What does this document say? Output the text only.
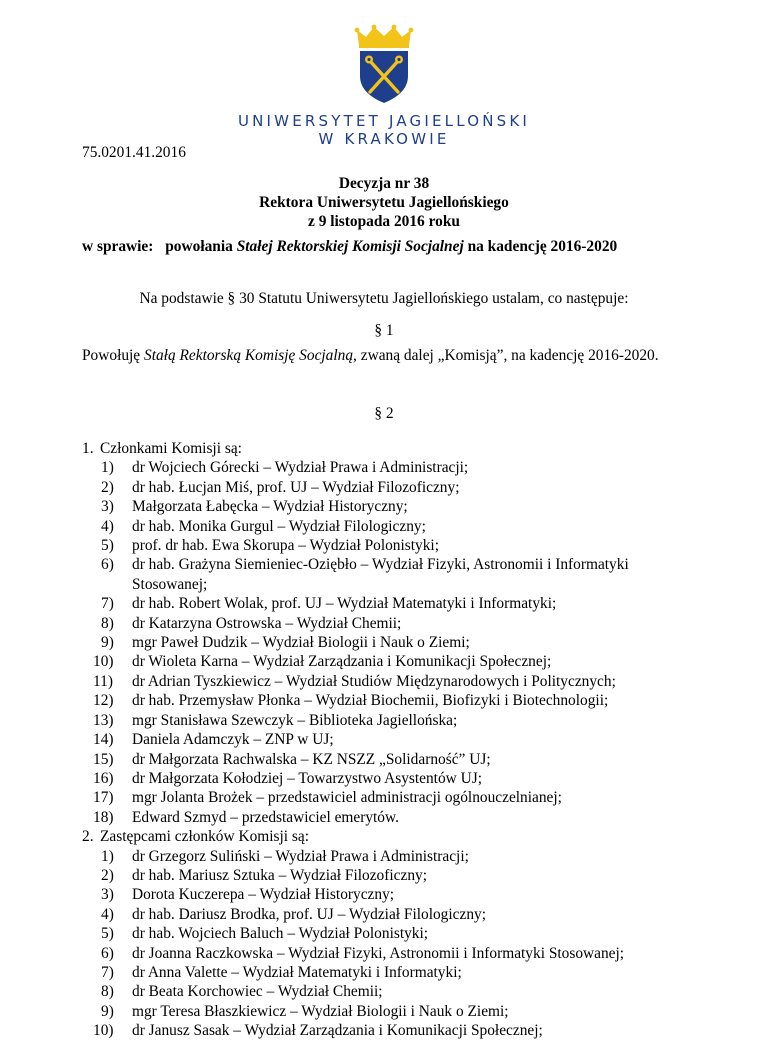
UNIWERSYTET JAGIELLOŃSKI
W KRAKOWIE
75.0201.41.2016
Decyzja nr 38
Rektora Uniwersytetu Jagiellońskiego
z 9 listopada 2016 roku
w sprawie: powołania Stałej Rektorskiej Komisji Socjalnej na kadencję 2016-2020
Na podstawie § 30 Statutu Uniwersytetu Jagiellońskiego ustalam, co następuje:
§ 1
Powołuję Stałą Rektorską Komisję Socjalną, zwaną dalej „Komisją”, na kadencję 2016-2020.
§ 2
1. Członkami Komisji są:
1) dr Wojciech Górecki – Wydział Prawa i Administracji;
2) dr hab. Łucjan Miś, prof. UJ – Wydział Filozoficzny;
3) Małgorzata Łabęcka – Wydział Historyczny;
4) dr hab. Monika Gurgul – Wydział Filologiczny;
5) prof. dr hab. Ewa Skorupa – Wydział Polonistyki;
6) dr hab. Grażyna Siemieniec-Oziębło – Wydział Fizyki, Astronomii i Informatyki Stosowanej;
7) dr hab. Robert Wolak, prof. UJ – Wydział Matematyki i Informatyki;
8) dr Katarzyna Ostrowska – Wydział Chemii;
9) mgr Paweł Dudzik – Wydział Biologii i Nauk o Ziemi;
10) dr Wioleta Karna – Wydział Zarządzania i Komunikacji Społecznej;
11) dr Adrian Tyszkiewicz – Wydział Studiów Międzynarodowych i Politycznych;
12) dr hab. Przemysław Płonka – Wydział Biochemii, Biofizyki i Biotechnologii;
13) mgr Stanisława Szewczyk – Biblioteka Jagiellońska;
14) Daniela Adamczyk – ZNP w UJ;
15) dr Małgorzata Rachwalska – KZ NSZZ „Solidarność” UJ;
16) dr Małgorzata Kołodziej – Towarzystwo Asystentów UJ;
17) mgr Jolanta Brożek – przedstawiciel administracji ogólnouczelnianej;
18) Edward Szmyd – przedstawiciel emerytów.
2. Zastępcami członków Komisji są:
1) dr Grzegorz Suliński – Wydział Prawa i Administracji;
2) dr hab. Mariusz Sztuka – Wydział Filozoficzny;
3) Dorota Kuczerepa – Wydział Historyczny;
4) dr hab. Dariusz Brodka, prof. UJ – Wydział Filologiczny;
5) dr hab. Wojciech Baluch – Wydział Polonistyki;
6) dr Joanna Raczkowska – Wydział Fizyki, Astronomii i Informatyki Stosowanej;
7) dr Anna Valette – Wydział Matematyki i Informatyki;
8) dr Beata Korchowiec – Wydział Chemii;
9) mgr Teresa Błaszkiewicz – Wydział Biologii i Nauk o Ziemi;
10) dr Janusz Sasak – Wydział Zarządzania i Komunikacji Społecznej;
